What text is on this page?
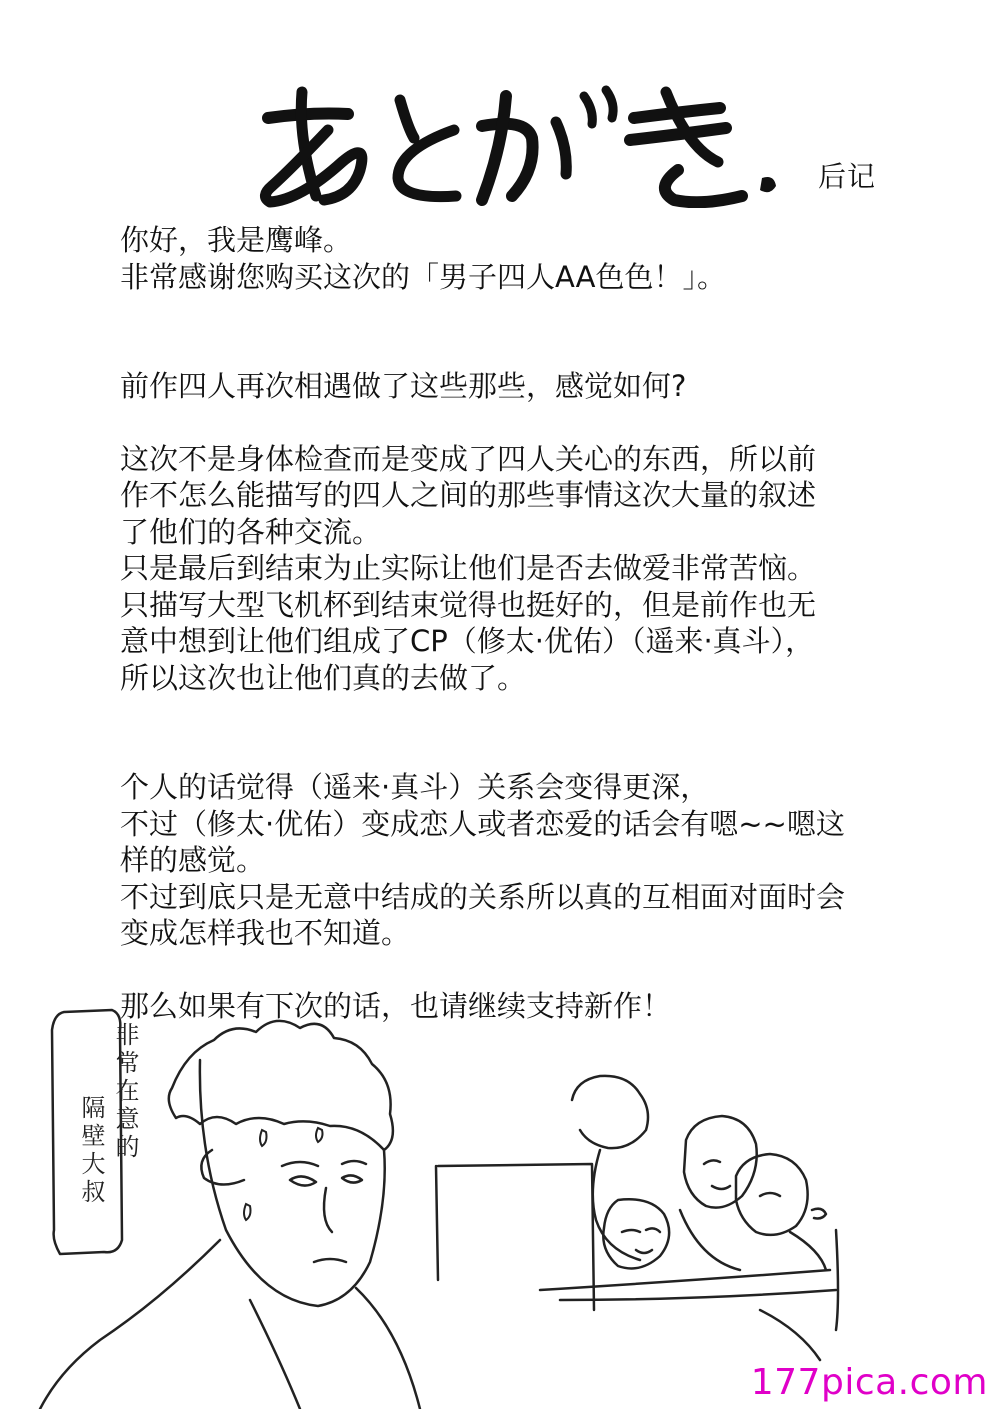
后记
你好，我是鹰峰。
非常感谢您购买这次的「男子四人AA色色！」。
前作四人再次相遇做了这些那些，感觉如何?
这次不是身体检查而是变成了四人关心的东西，所以前
作不怎么能描写的四人之间的那些事情这次大量的叙述
了他们的各种交流。
只是最后到结束为止实际让他们是否去做爱非常苦恼。
只描写大型飞机杯到结束觉得也挺好的，但是前作也无
意中想到让他们组成了CP（修太·优佑）（遥来·真斗），
所以这次也让他们真的去做了。
个人的话觉得（遥来·真斗）关系会变得更深，
不过（修太·优佑）变成恋人或者恋爱的话会有嗯~~嗯这
样的感觉。
不过到底只是无意中结成的关系所以真的互相面对面时会
变成怎样我也不知道。
那么如果有下次的话，也请继续支持新作！
非常在意的
隔壁大叔
177pica.com
